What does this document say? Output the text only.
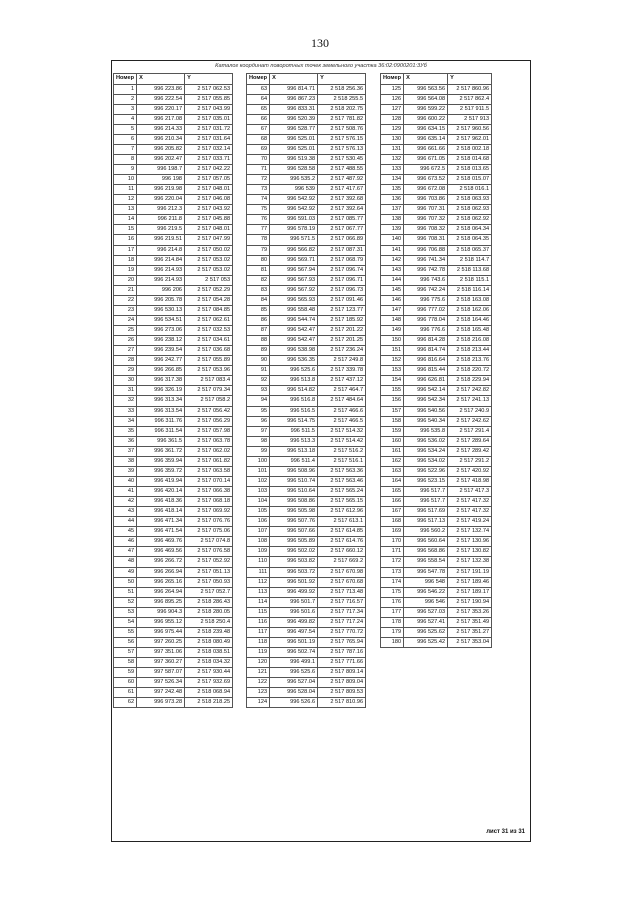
130
Каталог координат поворотных точек земельного участка 36:02:0900201:3Уб
Номер	X	Y
1	996 223.86	2 517 062.53
2	996 222.54	2 517 055.85
3	996 220.17	2 517 043.99
4	996 217.08	2 517 035.01
5	996 214.33	2 517 031.72
6	996 210.34	2 517 031.64
7	996 205.82	2 517 032.14
8	996 202.47	2 517 033.71
9	996 198.7	2 517 042.22
10	996 198	2 517 057.05
11	996 219.98	2 517 048.01
12	996 220.04	2 517 046.08
13	996 212.3	2 517 043.92
14	996 211.8	2 517 045.88
15	996 219.5	2 517 048.01
16	996 219.51	2 517 047.99
17	996 214.8	2 517 050.02
18	996 214.84	2 517 053.02
19	996 214.93	2 517 053.02
20	996 214.93	2 517 053
21	996 206	2 517 052.29
22	996 205.78	2 517 054.28
23	996 530.13	2 517 084.85
24	996 534.51	2 517 062.61
25	996 273.06	2 517 032.53
26	996 238.12	2 517 034.61
27	996 239.54	2 517 036.68
28	996 242.77	2 517 055.89
29	996 266.85	2 517 053.96
30	996 317.38	2 517 083.4
31	996 326.19	2 517 079.34
32	996 313.34	2 517 058.2
33	996 313.54	2 517 056.42
34	996 311.76	2 517 056.29
35	996 311.54	2 517 057.98
36	996 361.5	2 517 063.78
37	996 361.72	2 517 062.02
38	996 359.94	2 517 061.82
39	996 359.72	2 517 063.58
40	996 419.94	2 517 070.14
41	996 420.14	2 517 066.38
42	996 418.36	2 517 068.18
43	996 418.14	2 517 069.92
44	996 471.34	2 517 076.76
45	996 471.54	2 517 075.06
46	996 469.76	2 517 074.8
47	996 469.56	2 517 076.58
48	996 266.72	2 517 052.92
49	996 266.94	2 517 051.13
50	996 265.16	2 517 050.93
51	996 264.94	2 517 052.7
52	996 895.25	2 518 286.43
53	996 904.3	2 518 280.05
54	996 955.12	2 518 250.4
55	996 975.44	2 518 239.48
56	997 260.25	2 518 080.49
57	997 351.06	2 518 038.51
58	997 360.27	2 518 034.32
59	997 587.07	2 517 930.44
60	997 526.34	2 517 932.69
61	997 242.48	2 518 068.94
62	996 973.28	2 518 218.25
Номер	X	Y
63	996 814.71	2 518 256.36
64	996 867.23	2 518 255.5
65	996 833.31	2 518 202.75
66	996 520.39	2 517 781.82
67	996 528.77	2 517 508.76
68	996 525.01	2 517 576.15
69	996 525.01	2 517 576.13
70	996 519.38	2 517 530.45
71	996 528.58	2 517 488.55
72	996 535.2	2 517 487.92
73	996 539	2 517 417.67
74	996 542.92	2 517 392.68
75	996 542.92	2 517 392.64
76	996 591.03	2 517 085.77
77	996 578.19	2 517 067.77
78	996 571.5	2 517 066.89
79	996 566.82	2 517 087.31
80	996 569.71	2 517 068.79
81	996 567.94	2 517 096.74
82	996 567.93	2 517 096.71
83	996 567.92	2 517 096.73
84	996 565.93	2 517 091.46
85	996 558.48	2 517 123.77
86	996 544.74	2 517 185.92
87	996 542.47	2 517 201.22
88	996 542.47	2 517 201.25
89	996 538.98	2 517 236.24
90	996 536.35	2 517 249.8
91	996 525.6	2 517 339.78
92	996 513.8	2 517 437.12
93	996 514.82	2 517 464.7
94	996 516.8	2 517 484.64
95	996 516.5	2 517 466.6
96	996 514.75	2 517 466.5
97	996 511.5	2 517 514.32
98	996 513.3	2 517 514.42
99	996 513.18	2 517 516.2
100	996 511.4	2 517 516.1
101	996 508.96	2 517 563.36
102	996 510.74	2 517 563.46
103	996 510.64	2 517 565.24
104	996 508.86	2 517 565.15
105	996 505.98	2 517 612.96
106	996 507.76	2 517 613.1
107	996 507.66	2 517 614.85
108	996 505.89	2 517 614.76
109	996 502.02	2 517 660.12
110	996 503.82	2 517 669.2
111	996 503.72	2 517 670.98
112	996 501.92	2 517 670.68
113	996 499.92	2 517 713.48
114	996 501.7	2 517 716.57
115	996 501.6	2 517 717.34
116	996 499.82	2 517 717.24
117	996 497.54	2 517 770.72
118	996 501.19	2 517 765.94
119	996 502.74	2 517 787.16
120	996 499.1	2 517 771.66
121	996 525.6	2 517 809.14
122	996 527.04	2 517 809.04
123	996 528.04	2 517 809.53
124	996 526.6	2 517 810.96
Номер	X	Y
125	996 563.56	2 517 860.96
126	996 564.08	2 517 862.4
127	996 599.22	2 517 911.5
128	996 600.22	2 517 913
129	996 634.15	2 517 960.56
130	996 635.14	2 517 962.01
131	996 661.66	2 518 002.18
132	996 671.05	2 518 014.68
133	996 672.5	2 518 013.65
134	996 673.52	2 518 015.07
135	996 672.08	2 518 016.1
136	996 703.86	2 518 063.93
137	996 707.31	2 518 062.93
138	996 707.32	2 518 062.92
139	996 708.32	2 518 064.34
140	996 708.31	2 518 064.35
141	996 706.88	2 518 065.37
142	996 741.34	2 518 114.7
143	996 742.78	2 518 113.68
144	996 743.6	2 518 115.1
145	996 742.24	2 518 116.14
146	996 775.6	2 518 163.08
147	996 777.02	2 518 162.06
148	996 778.04	2 518 164.46
149	996 776.6	2 518 165.48
150	996 814.28	2 518 216.08
151	996 814.74	2 518 213.44
152	996 816.64	2 518 213.76
153	996 815.44	2 518 220.72
154	996 626.81	2 518 229.94
155	996 542.14	2 517 242.82
156	996 542.34	2 517 241.13
157	996 540.56	2 517 240.9
158	996 540.34	2 517 242.62
159	996 535.8	2 517 291.4
160	996 536.02	2 517 289.64
161	996 534.24	2 517 289.42
162	996 534.02	2 517 291.2
163	996 522.96	2 517 420.92
164	996 523.15	2 517 418.98
165	996 517.7	2 517 417.3
166	996 517.7	2 517 417.32
167	996 517.69	2 517 417.32
168	996 517.13	2 517 419.24
169	996 560.2	2 517 132.74
170	996 560.64	2 517 130.96
171	996 568.86	2 517 130.82
172	996 558.54	2 517 132.38
173	996 547.78	2 517 191.19
174	996 548	2 517 189.46
175	996 546.22	2 517 189.17
176	996 546	2 517 190.94
177	996 527.03	2 517 353.26
178	996 527.41	2 517 351.49
179	996 525.62	2 517 351.27
180	996 525.42	2 517 353.04
лист 31 из 31
